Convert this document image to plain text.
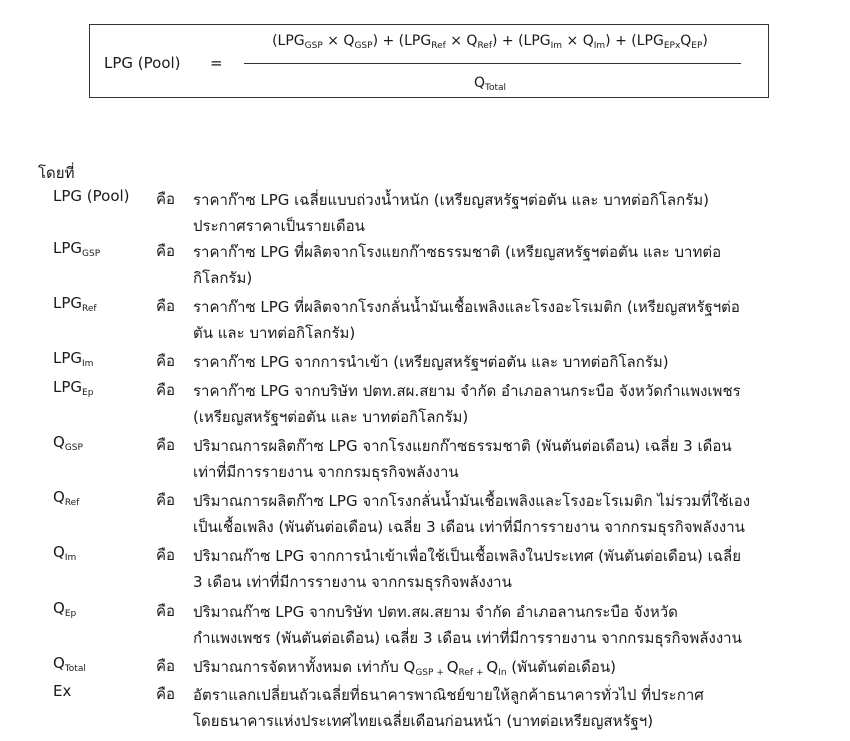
LPG (Pool) =
$(LPG_{GSP} \times Q_{GSP}) + (LPG_{Ref} \times Q_{Ref}) + (LPG_{Im} \times Q_{Im}) + (LPG_{EPx}Q_{EP})$
$Q_{Total}$
โดยที่
LPG (Pool) คือ ราคาก๊าซ LPG เฉลี่ยแบบถ่วงน้ำหนัก (เหรียญสหรัฐฯต่อตัน และ บาทต่อกิโลกรัม)
ประกาศราคาเป็นรายเดือน
$LPG_{GSP}$	คือ ราคาก๊าซ LPG ที่ผลิตจากโรงแยกก๊าซธรรมชาติ (เหรียญสหรัฐฯต่อตัน และ บาทต่อ
กิโลกรัม)
$LPG_{Ref}$	คือ ราคาก๊าซ LPG ที่ผลิตจากโรงกลั่นน้ำมันเชื้อเพลิงและโรงอะโรเมติก (เหรียญสหรัฐฯต่อ
ตัน และ บาทต่อกิโลกรัม)
$LPG_{Im}$	คือ ราคาก๊าซ LPG จากการนำเข้า (เหรียญสหรัฐฯต่อตัน และ บาทต่อกิโลกรัม)
$LPG_{Ep}$	คือ ราคาก๊าซ LPG จากบริษัท ปตท.สผ.สยาม จำกัด อำเภอลานกระบือ จังหวัดกำแพงเพชร
(เหรียญสหรัฐฯต่อตัน และ บาทต่อกิโลกรัม)
$Q_{GSP}$	คือ ปริมาณการผลิตก๊าซ LPG จากโรงแยกก๊าซธรรมชาติ (พันตันต่อเดือน) เฉลี่ย 3 เดือน
เท่าที่มีการรายงาน จากกรมธุรกิจพลังงาน
$Q_{Ref}$	คือ ปริมาณการผลิตก๊าซ LPG จากโรงกลั่นน้ำมันเชื้อเพลิงและโรงอะโรเมติก ไม่รวมที่ใช้เอง
เป็นเชื้อเพลิง (พันตันต่อเดือน) เฉลี่ย 3 เดือน เท่าที่มีการรายงาน จากกรมธุรกิจพลังงาน
$Q_{Im}$	คือ ปริมาณก๊าซ LPG จากการนำเข้าเพื่อใช้เป็นเชื้อเพลิงในประเทศ (พันตันต่อเดือน) เฉลี่ย
3 เดือน เท่าที่มีการรายงาน จากกรมธุรกิจพลังงาน
$Q_{Ep}$	คือ ปริมาณก๊าซ LPG จากบริษัท ปตท.สผ.สยาม จำกัด อำเภอลานกระบือ จังหวัด
กำแพงเพชร (พันตันต่อเดือน) เฉลี่ย 3 เดือน เท่าที่มีการรายงาน จากกรมธุรกิจพลังงาน
$Q_{Total}$	คือ ปริมาณการจัดหาทั้งหมด เท่ากับ $Q_{GSP}$ $_+$ $Q_{Ref}$ $_+$ $Q_{In}$ (พันตันต่อเดือน)
Ex	คือ อัตราแลกเปลี่ยนถัวเฉลี่ยที่ธนาคารพาณิชย์ขายให้ลูกค้าธนาคารทั่วไป ที่ประกาศ
โดยธนาคารแห่งประเทศไทยเฉลี่ยเดือนก่อนหน้า (บาทต่อเหรียญสหรัฐฯ)
